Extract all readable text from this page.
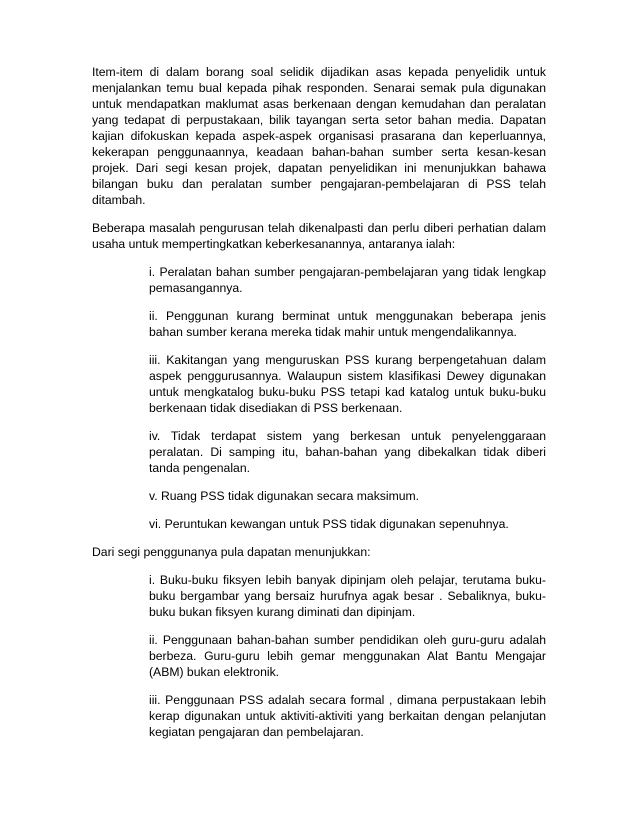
Item-item di dalam borang soal selidik dijadikan asas kepada penyelidik untuk menjalankan temu bual kepada pihak responden. Senarai semak pula digunakan untuk mendapatkan maklumat asas berkenaan dengan kemudahan dan peralatan yang tedapat di perpustakaan, bilik tayangan serta setor bahan media. Dapatan kajian difokuskan kepada aspek-aspek organisasi prasarana dan keperluannya, kekerapan penggunaannya, keadaan bahan-bahan sumber serta kesan-kesan projek. Dari segi kesan projek, dapatan penyelidikan ini menunjukkan bahawa bilangan buku dan peralatan sumber pengajaran-pembelajaran di PSS telah ditambah.

Beberapa masalah pengurusan telah dikenalpasti dan perlu diberi perhatian dalam usaha untuk mempertingkatkan keberkesanannya, antaranya ialah:

i. Peralatan bahan sumber pengajaran-pembelajaran yang tidak lengkap pemasangannya.

ii. Penggunan kurang berminat untuk menggunakan beberapa jenis bahan sumber kerana mereka tidak mahir untuk mengendalikannya.

iii. Kakitangan yang menguruskan PSS kurang berpengetahuan dalam aspek penggurusannya. Walaupun sistem klasifikasi Dewey digunakan untuk mengkatalog buku-buku PSS tetapi kad katalog untuk buku-buku berkenaan tidak disediakan di PSS berkenaan.

iv. Tidak terdapat sistem yang berkesan untuk penyelenggaraan peralatan. Di samping itu, bahan-bahan yang dibekalkan tidak diberi tanda pengenalan.

v. Ruang PSS tidak digunakan secara maksimum.

vi. Peruntukan kewangan untuk PSS tidak digunakan sepenuhnya.

Dari segi penggunanya pula dapatan menunjukkan:

i. Buku-buku fiksyen lebih banyak dipinjam oleh pelajar, terutama buku-buku bergambar yang bersaiz hurufnya agak besar . Sebaliknya, buku-buku bukan fiksyen kurang diminati dan dipinjam.

ii. Penggunaan bahan-bahan sumber pendidikan oleh guru-guru adalah berbeza. Guru-guru lebih gemar menggunakan Alat Bantu Mengajar (ABM) bukan elektronik.

iii. Penggunaan PSS adalah secara formal , dimana perpustakaan lebih kerap digunakan untuk aktiviti-aktiviti yang berkaitan dengan pelanjutan kegiatan pengajaran dan pembelajaran.
